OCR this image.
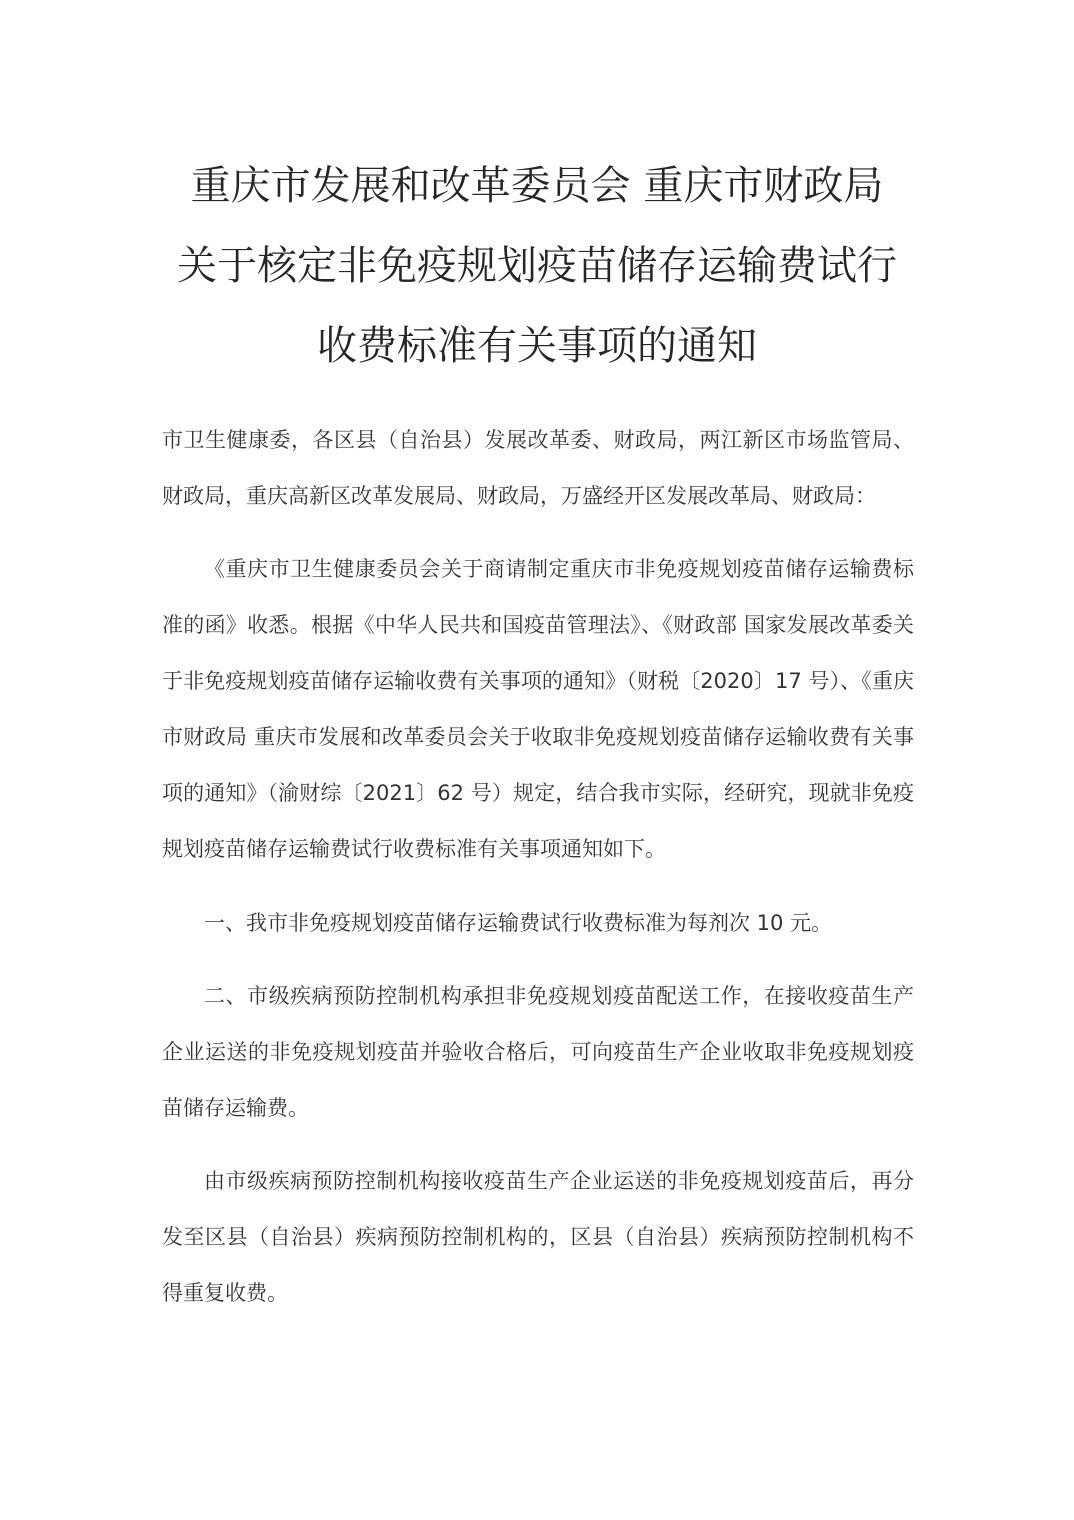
重庆市发展和改革委员会 重庆市财政局
关于核定非免疫规划疫苗储存运输费试行
收费标准有关事项的通知

市卫生健康委，各区县（自治县）发展改革委、财政局，两江新区市场监管局、财政局，重庆高新区改革发展局、财政局，万盛经开区发展改革局、财政局：

《重庆市卫生健康委员会关于商请制定重庆市非免疫规划疫苗储存运输费标准的函》收悉。根据《中华人民共和国疫苗管理法》、《财政部 国家发展改革委关于非免疫规划疫苗储存运输收费有关事项的通知》（财税〔2020〕17 号）、《重庆市财政局 重庆市发展和改革委员会关于收取非免疫规划疫苗储存运输收费有关事项的通知》（渝财综〔2021〕62 号）规定，结合我市实际，经研究，现就非免疫规划疫苗储存运输费试行收费标准有关事项通知如下。

一、我市非免疫规划疫苗储存运输费试行收费标准为每剂次 10 元。

二、市级疾病预防控制机构承担非免疫规划疫苗配送工作，在接收疫苗生产企业运送的非免疫规划疫苗并验收合格后，可向疫苗生产企业收取非免疫规划疫苗储存运输费。

由市级疾病预防控制机构接收疫苗生产企业运送的非免疫规划疫苗后，再分发至区县（自治县）疾病预防控制机构的，区县（自治县）疾病预防控制机构不得重复收费。
